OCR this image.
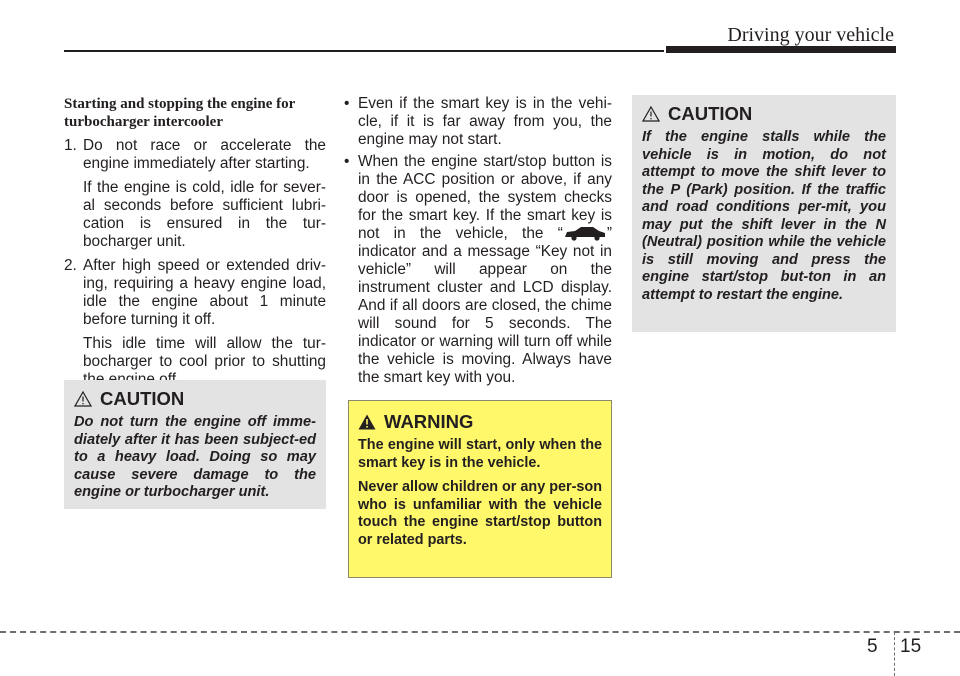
Driving your vehicle
Starting and stopping the engine for turbocharger intercooler
1. Do not race or accelerate the engine immediately after starting.
If the engine is cold, idle for sever-al seconds before sufficient lubri-cation is ensured in the tur-bocharger unit.
2. After high speed or extended driv-ing, requiring a heavy engine load, idle the engine about 1 minute before turning it off.
This idle time will allow the tur-bocharger to cool prior to shutting
CAUTION
Do not turn the engine off imme-diately after it has been subject-ed to a heavy load. Doing so may cause severe damage to the engine or turbocharger unit.
• Even if the smart key is in the vehi-cle, if it is far away from you, the engine may not start.
• When the engine start/stop button is in the ACC position or above, if any door is opened, the system checks for the smart key. If the smart key is not in the vehicle, the “	” indicator and a message “Key not in vehicle” will appear on the instrument cluster and LCD display. And if all doors are closed, the chime will sound for 5 seconds. The indicator or warning will turn off while the vehicle is moving. Always have the smart key with you.
WARNING

The engine will start, only when the smart key is in the vehicle.

Never allow children or any per-son who is unfamiliar with the vehicle touch the engine start/stop button or related parts.

CAUTION
If the engine stalls while the vehicle is in motion, do not attempt to move the shift lever to the P (Park) position. If the traffic and road conditions per-mit, you may put the shift lever in the N (Neutral) position while the vehicle is still moving and press the engine start/stop but-ton in an attempt to restart the engine.
5 15
